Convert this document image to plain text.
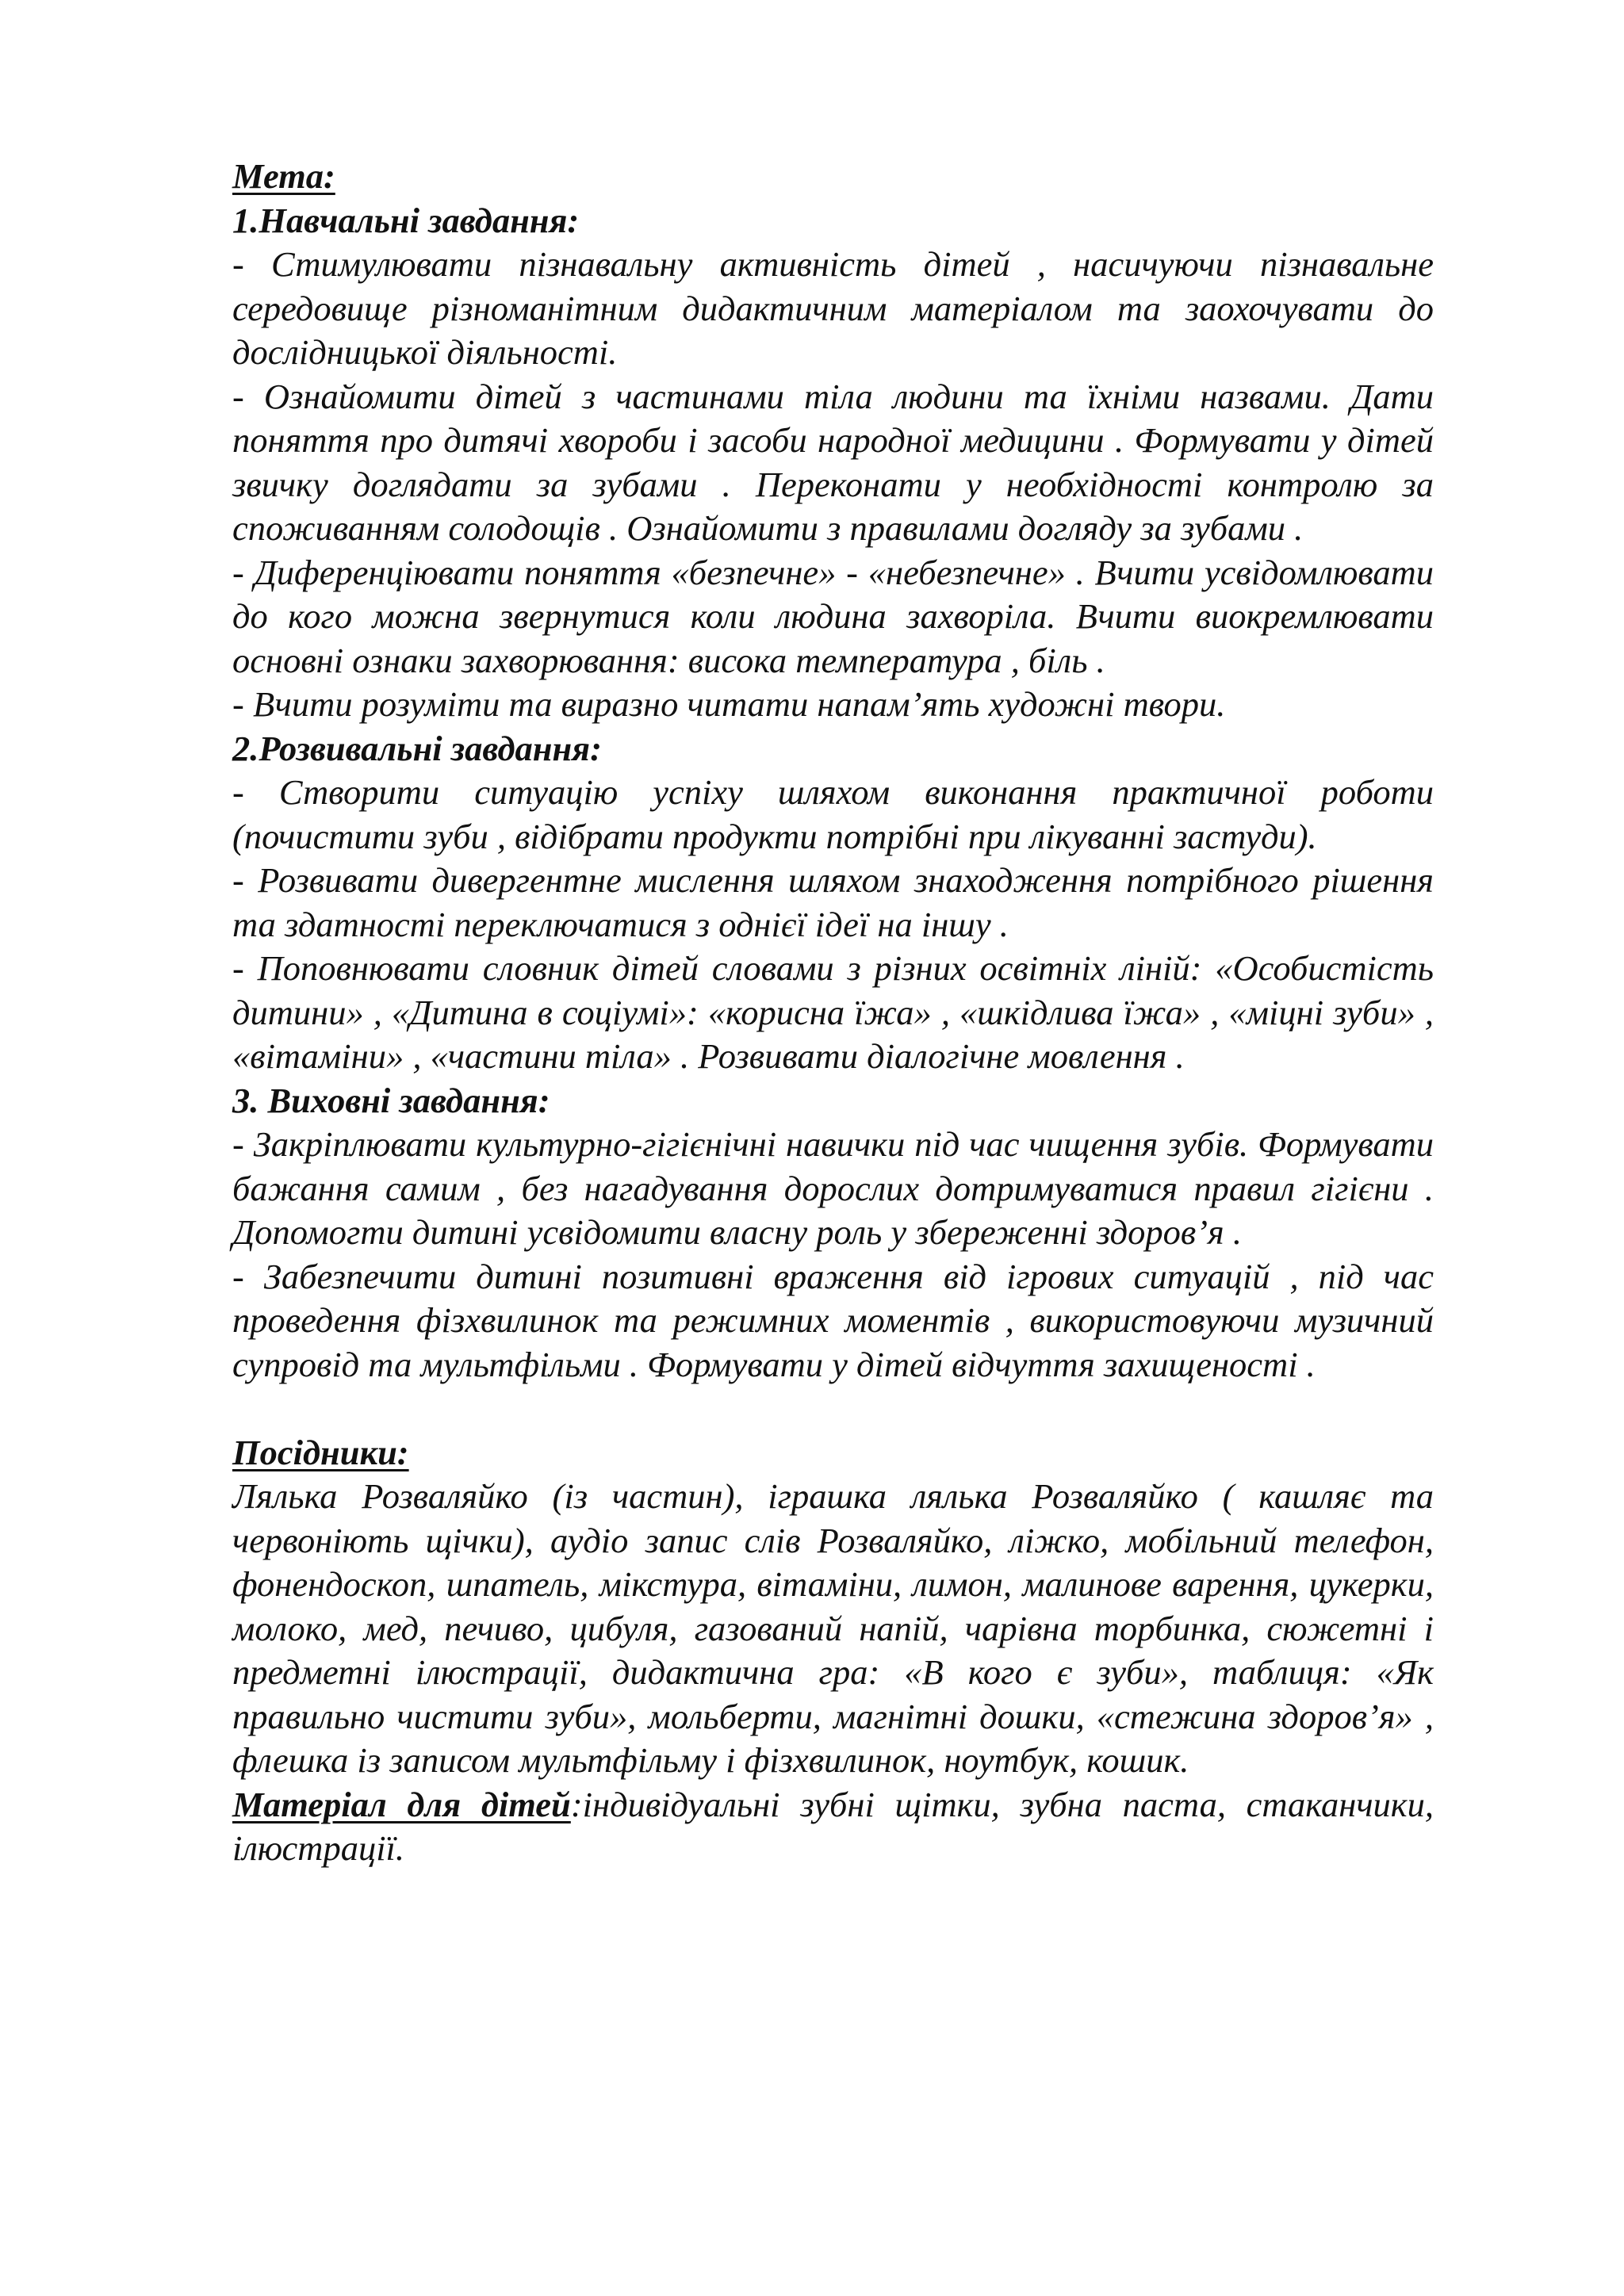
Мета:

1.Навчальні завдання:

- Стимулювати пізнавальну активність дітей , насичуючи пізнавальне середовище різноманітним дидактичним матеріалом та заохочувати до дослідницької діяльності.

- Ознайомити дітей з частинами тіла людини та їхніми назвами. Дати поняття про дитячі хвороби і засоби народної медицини . Формувати у дітей звичку доглядати за зубами . Переконати у необхідності контролю за споживанням солодощів . Ознайомити з правилами догляду за зубами .

- Диференціювати поняття «безпечне» - «небезпечне» . Вчити усвідомлювати до кого можна звернутися коли людина захворіла. Вчити виокремлювати основні ознаки захворювання: висока температура , біль .

- Вчити розуміти та виразно читати напам’ять художні твори.

2.Розвивальні завдання:

- Створити ситуацію успіху шляхом виконання практичної роботи (почистити зуби , відібрати продукти потрібні при лікуванні застуди).

- Розвивати дивергентне мислення шляхом знаходження потрібного рішення та здатності переключатися з однієї ідеї на іншу .

- Поповнювати словник дітей словами з різних освітніх ліній: «Особистість дитини» , «Дитина в соціумі»: «корисна їжа» , «шкідлива їжа» , «міцні зуби» , «вітаміни» , «частини тіла» . Розвивати діалогічне мовлення .

3. Виховні завдання:

- Закріплювати культурно-гігієнічні навички під час чищення зубів. Формувати бажання самим , без нагадування дорослих дотримуватися правил гігієни . Допомогти дитині усвідомити власну роль у збереженні здоров’я .

- Забезпечити дитині позитивні враження від ігрових ситуацій , під час проведення фізхвилинок та режимних моментів , використовуючи музичний супровід та мультфільми . Формувати у дітей відчуття захищеності .

Посідники:

Лялька Розваляйко (із частин), іграшка лялька Розваляйко ( кашляє та червоніють щічки), аудіо запис слів Розваляйко, ліжко, мобільний телефон, фонендоскоп, шпатель, мікстура, вітаміни, лимон, малинове варення, цукерки, молоко, мед, печиво, цибуля, газований напій, чарівна торбинка, сюжетні і предметні ілюстрації, дидактична гра: «В кого є зуби», таблиця: «Як правильно чистити зуби», мольберти, магнітні дошки, «стежина здоров’я» , флешка із записом мультфільму і фізхвилинок, ноутбук, кошик.

Матеріал для дітей:індивідуальні зубні щітки, зубна паста, стаканчики, ілюстрації.
